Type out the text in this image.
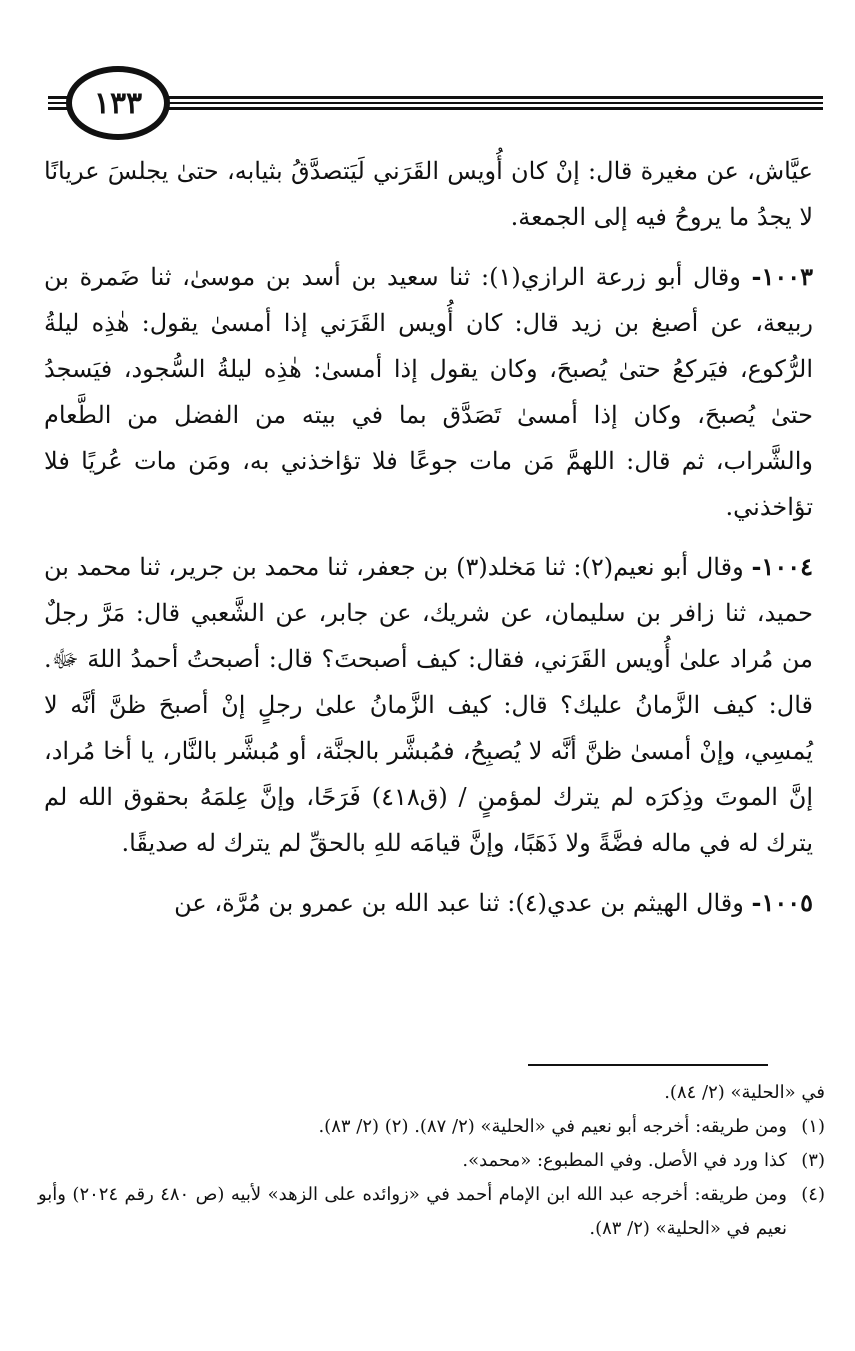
١٣٣

عيَّاش، عن مغيرة قال: إنْ كان أُويس القَرَني لَيَتصدَّقُ بثيابه، حتىٰ يجلسَ عريانًا لا يجدُ ما يروحُ فيه إلى الجمعة.

١٠٠٣- وقال أبو زرعة الرازي(١): ثنا سعيد بن أسد بن موسىٰ، ثنا ضَمرة بن ربيعة، عن أصبغ بن زيد قال: كان أُويس القَرَني إذا أمسىٰ يقول: هٰذِه ليلةُ الرُّكوع، فيَركعُ حتىٰ يُصبحَ، وكان يقول إذا أمسىٰ: هٰذِه ليلةُ السُّجود، فيَسجدُ حتىٰ يُصبحَ، وكان إذا أمسىٰ تَصَدَّق بما في بيته من الفضل من الطَّعام والشَّراب، ثم قال: اللهمَّ مَن مات جوعًا فلا تؤاخذني به، ومَن مات عُريًا فلا تؤاخذني.

١٠٠٤- وقال أبو نعيم(٢): ثنا مَخلد(٣) بن جعفر، ثنا محمد بن جرير، ثنا محمد بن حميد، ثنا زافر بن سليمان، عن شريك، عن جابر، عن الشَّعبي قال: مَرَّ رجلٌ من مُراد علىٰ أُويس القَرَني، فقال: كيف أصبحتَ؟ قال: أصبحتُ أحمدُ اللهَ ﷻ. قال: كيف الزَّمانُ عليك؟ قال: كيف الزَّمانُ علىٰ رجلٍ إنْ أصبحَ ظنَّ أنَّه لا يُمسِي، وإنْ أمسىٰ ظنَّ أنَّه لا يُصبِحُ، فمُبشَّر بالجنَّة، أو مُبشَّر بالنَّار، يا أخا مُراد، إنَّ الموتَ وذِكرَه لم يترك لمؤمنٍ / (ق٤١٨) فَرَحًا، وإنَّ عِلمَهُ بحقوق الله لم يترك له في ماله فضَّةً ولا ذَهَبًا، وإنَّ قيامَه للهِ بالحقِّ لم يترك له صديقًا.

١٠٠٥- وقال الهيثم بن عدي(٤): ثنا عبد الله بن عمرو بن مُرَّة، عن

في «الحلية» (٢/ ٨٤).
(١)
ومن طريقه: أخرجه أبو نعيم في «الحلية» (٢/ ٨٧). (٢) (٢/ ٨٣).
(٣)
كذا ورد في الأصل. وفي المطبوع: «محمد».
(٤)
ومن طريقه: أخرجه عبد الله ابن الإمام أحمد في «زوائده على الزهد» لأبيه (ص ٤٨٠ رقم ٢٠٢٤) وأبو نعيم في «الحلية» (٢/ ٨٣).
